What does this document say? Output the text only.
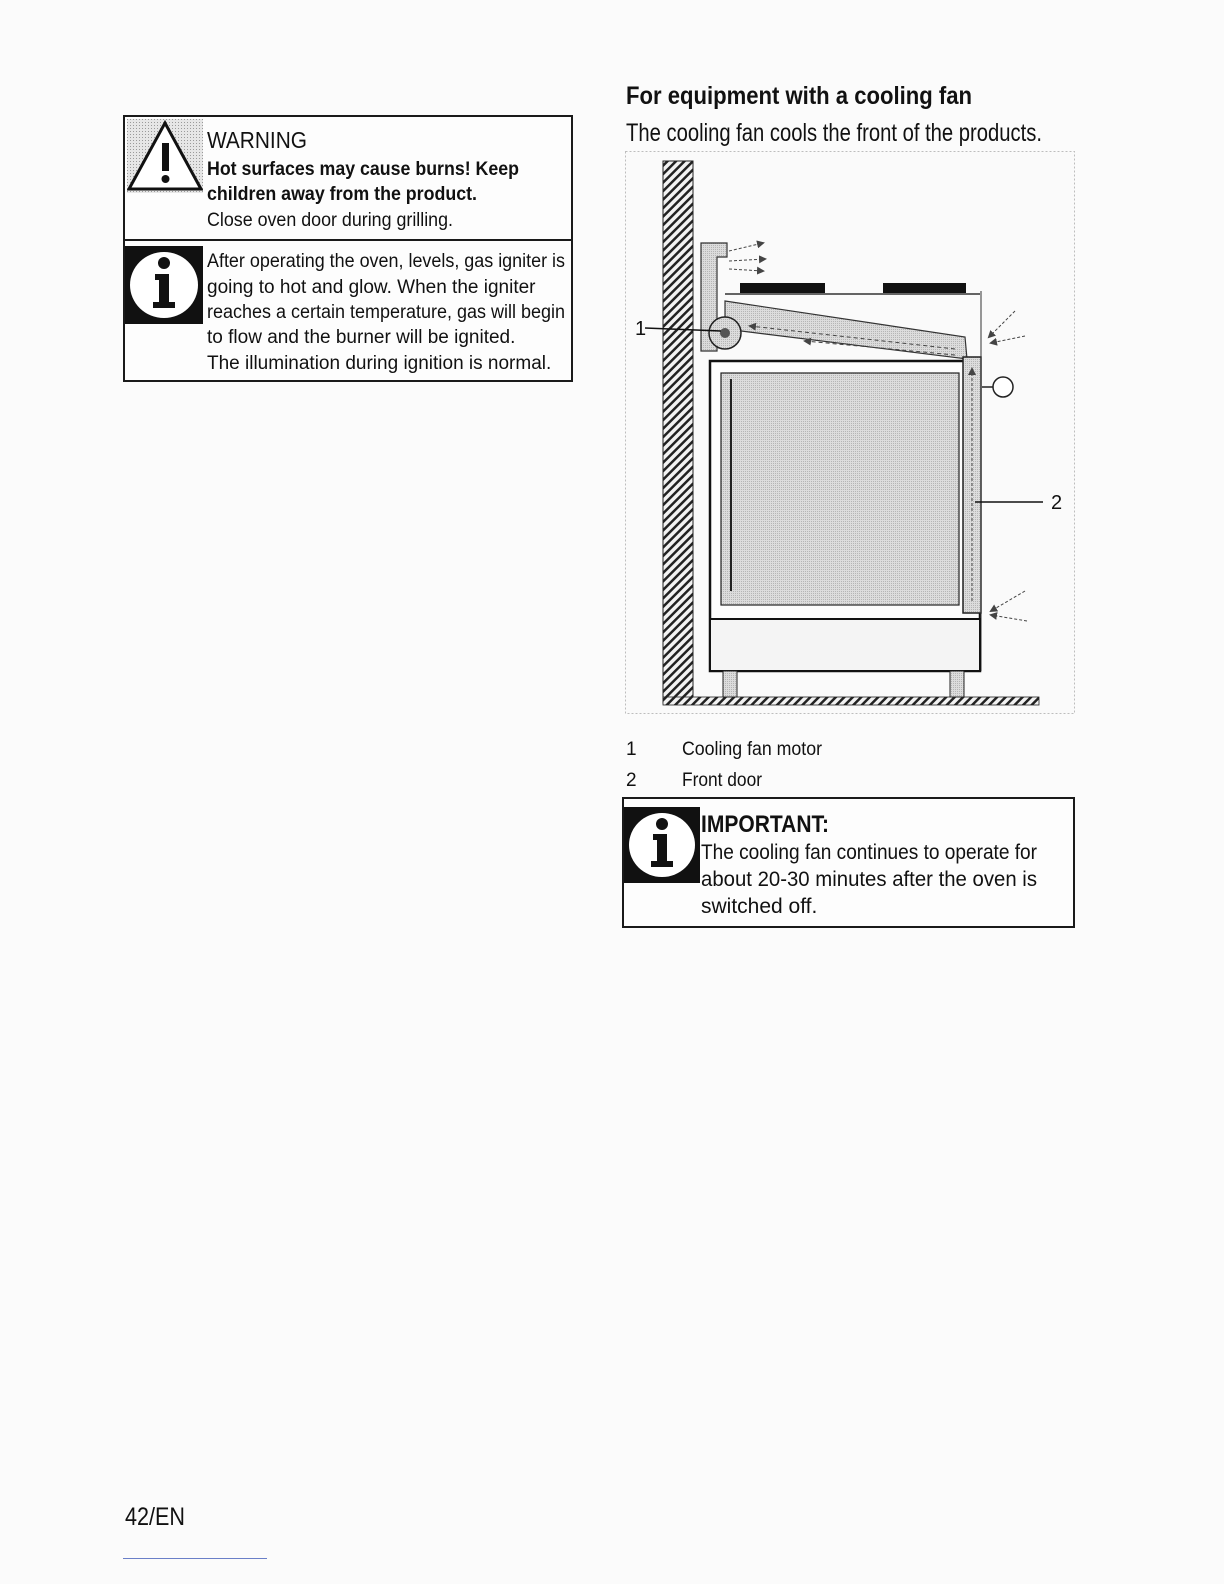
WARNING
Hot surfaces may cause burns! Keep
children away from the product.
Close oven door during grilling.
After operating the oven, levels, gas igniter is
going to hot and glow. When the igniter
reaches a certain temperature, gas will begin
to flow and the burner will be ignited.
The illumination during ignition is normal.
For equipment with a cooling fan
The cooling fan cools the front of the products.
1
2
1 Cooling fan motor
2 Front door
IMPORTANT:
The cooling fan continues to operate for
about 20-30 minutes after the oven is
switched off.
42/EN
